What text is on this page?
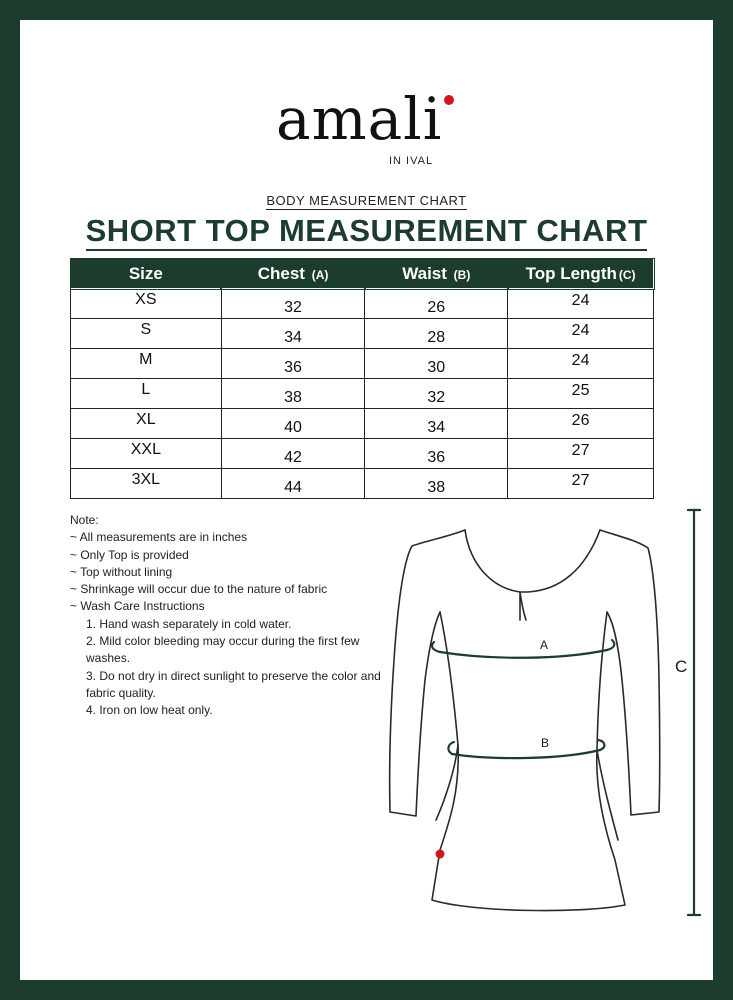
amali
IN IVAL
BODY MEASUREMENT CHART
SHORT TOP MEASUREMENT CHART
Size	Chest (A)	Waist (B)	Top Length (C)
XS	32	26	24
S	34	28	24
M	36	30	24
L	38	32	25
XL	40	34	26
XXL	42	36	27
3XL	44	38	27
Note:
~ All measurements are in inches
~ Only Top is provided
~ Top without lining
~ Shrinkage will occur due to the nature of fabric
~ Wash Care Instructions
1. Hand wash separately in cold water.
2. Mild color bleeding may occur during the first few washes.
3. Do not dry in direct sunlight to preserve the color and fabric quality.
4. Iron on low heat only.
A
B
C
